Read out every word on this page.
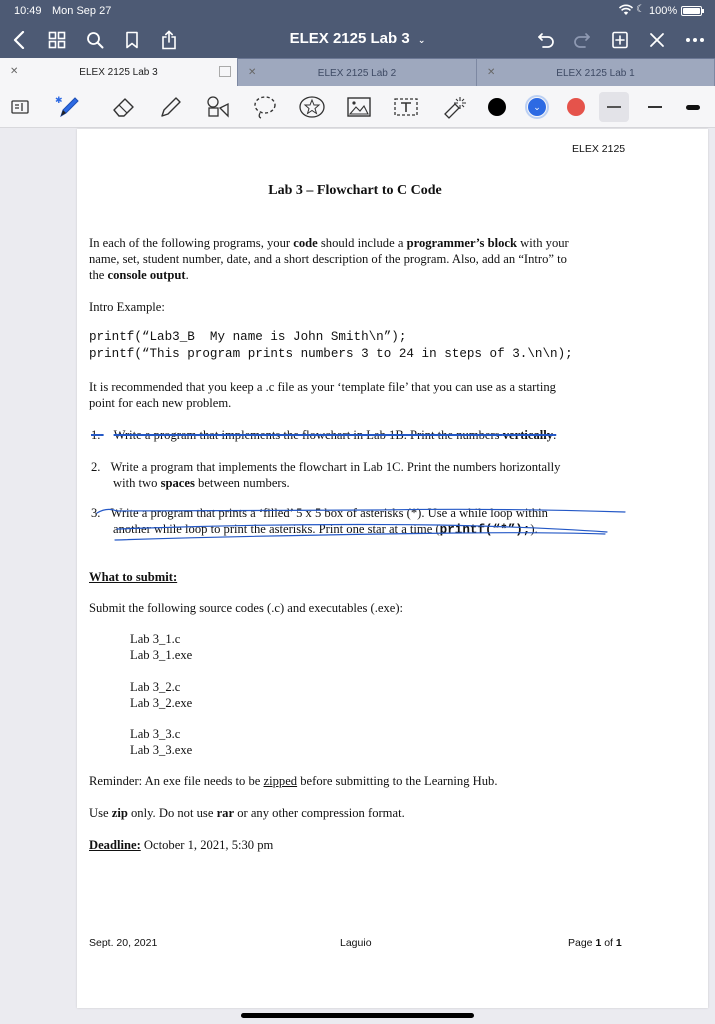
10:49 Mon Sep 27	☾ 100%
ELEX 2125 Lab 3 ⌄
✕	ELEX 2125 Lab 3	✕	ELEX 2125 Lab 2	✕	ELEX 2125 Lab 1
✱
⌄
ELEX 2125
Lab 3 – Flowchart to C Code
In each of the following programs, your code should include a programmer’s block with your
name, set, student number, date, and a short description of the program. Also, add an “Intro” to
the console output.
Intro Example:
printf(“Lab3_B  My name is John Smith\n”);
printf(“This program prints numbers 3 to 24 in steps of 3.\n\n);
It is recommended that you keep a .c file as your ‘template file’ that you can use as a starting
point for each new problem.
1. Write a program that implements the flowchart in Lab 1B. Print the numbers vertically.
2. Write a program that implements the flowchart in Lab 1C. Print the numbers horizontally
with two spaces between numbers.
3. Write a program that prints a ‘filled’ 5 x 5 box of asterisks (*). Use a while loop within
another while loop to print the asterisks. Print one star at a time (printf(“*”);).
What to submit:
Submit the following source codes (.c) and executables (.exe):
Lab 3_1.c
Lab 3_1.exe
Lab 3_2.c
Lab 3_2.exe
Lab 3_3.c
Lab 3_3.exe
Reminder: An exe file needs to be zipped before submitting to the Learning Hub.
Use zip only. Do not use rar or any other compression format.
Deadline: October 1, 2021, 5:30 pm
Sept. 20, 2021	Laguio	Page 1 of 1
